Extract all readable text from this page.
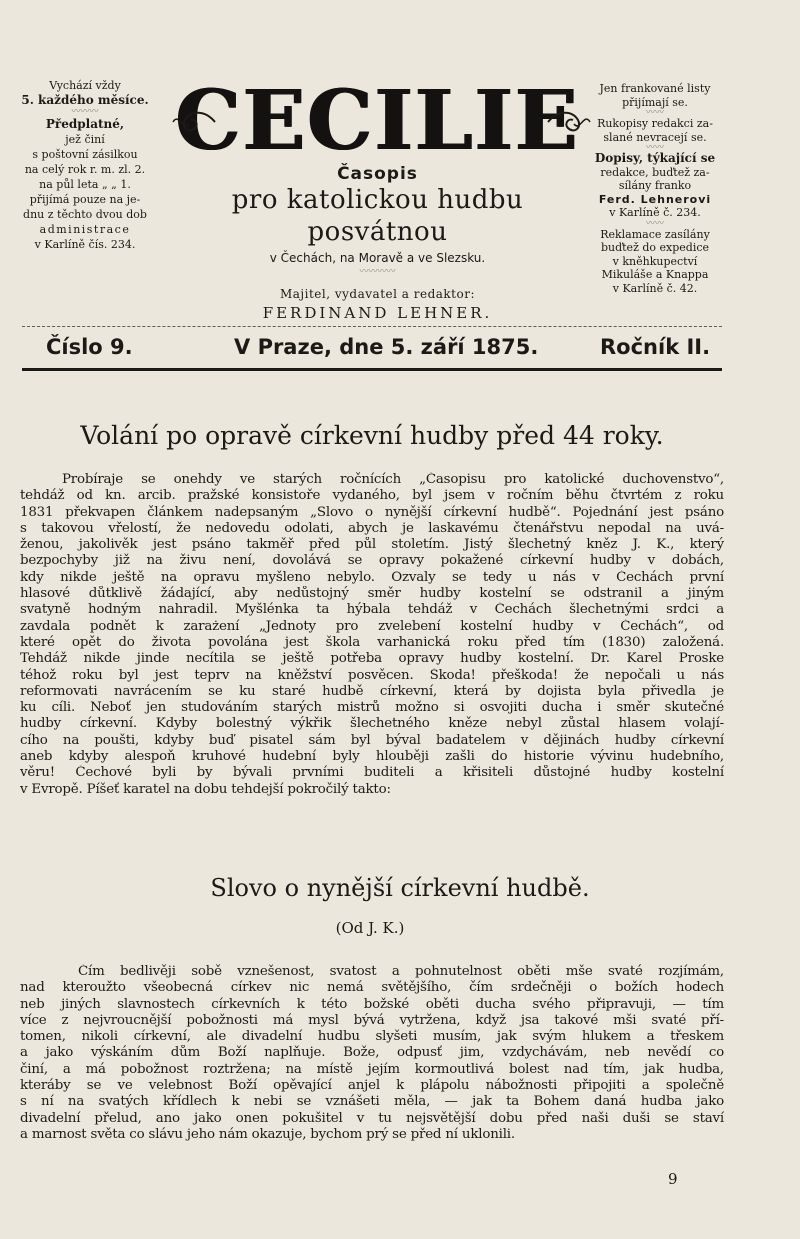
Vychází vždy
5. každého měsíce.
〰〰〰
Předplatné,
jež činí
s poštovní zásilkou
na celý rok r. m. zl. 2.
na půl leta „ „ 1.
přijímá pouze na je-
dnu z těchto dvou dob
administrace
v Karlíně čís. 234.
CECILIE
Časopis
pro katolickou hudbu posvátnou
v Čechách, na Moravě a ve Slezsku.
〰〰〰〰
Majitel, vydavatel a redaktor:
FERDINAND LEHNER.
Jen frankované listy
přijímají se.
〰〰
Rukopisy redakci za-
slané nevracejí se.
〰〰
Dopisy, týkající se
redakce, buďtež za-
sílány franko
Ferd. Lehnerovi
v Karlíně č. 234.
〰〰
Reklamace zasílány
buďtež do expedice
v kněhkupectví
Mikuláše a Knappa
v Karlíně č. 42.
Číslo 9.	V Praze, dne 5. září 1875.	Ročník II.
Volání po opravě církevní hudby před 44 roky.
Probíraje se onehdy ve starých ročnících „Časopisu pro katolické duchovenstvo“,
tehdáž od kn. arcib. pražské konsistoře vydaného, byl jsem v ročním běhu čtvrtém z roku
1831 překvapen článkem nadepsaným „Slovo o nynější církevní hudbě“. Pojednání jest psáno
s takovou vřelostí, že nedovedu odolati, abych je laskavému čtenářstvu nepodal na uvá-
ženou, jakolivěk jest psáno takměř před půl stoletím. Jistý šlechetný kněz J. K., který
bezpochyby již na živu není, dovolává se opravy pokažené církevní hudby v dobách,
kdy nikde ještě na opravu myšleno nebylo. Ozvaly se tedy u nás v Čechách první
hlasové důtklivě žádající, aby nedůstojný směr hudby kostelní se odstranil a jiným
svatyně hodným nahradil. Myšlénka ta hýbala tehdáž v Čechách šlechetnými srdci a
zavdala podnět k zarażení „Jednoty pro zvelebení kostelní hudby v Čechách“, od
které opět do života povolána jest škola varhanická roku před tím (1830) založená.
Tehdáž nikde jinde necítila se ještě potřeba opravy hudby kostelní. Dr. Karel Proske
téhož roku byl jest teprv na kněžství posvěcen. Škoda! přeškoda! že nepočali u nás
reformovati navrácením se ku staré hudbě církevní, která by dojista byla přivedla je
ku cíli. Neboť jen studováním starých mistrů možno si osvojiti ducha i směr skutečné
hudby církevní. Kdyby bolestný výkřik šlechetného kněze nebyl zůstal hlasem volají-
cího na poušti, kdyby buď pisatel sám byl býval badatelem v dějinách hudby církevní
aneb kdyby alespoň kruhové hudební byly hlouběji zašli do historie vývinu hudebního,
věru! Čechové byli by bývali prvními buditeli a křisiteli důstojné hudby kostelní
v Evropě. Píšeť karatel na dobu tehdejší pokročilý takto:
Slovo o nynější církevní hudbě.
(Od J. K.)
Čím bedlivěji sobě vznešenost, svatost a pohnutelnost oběti mše svaté rozjímám,
nad kteroužto všeobecná církev nic nemá světějšího, čím srdečněji o božích hodech
neb jiných slavnostech církevních k této božské oběti ducha svého připravuji, — tím
více z nejvroucnější pobožnosti má mysl bývá vytržena, když jsa takové mši svaté pří-
tomen, nikoli církevní, ale divadelní hudbu slyšeti musím, jak svým hlukem a třeskem
a jako výskáním dům Boží naplňuje. Bože, odpusť jim, vzdychávám, neb nevědí co
činí, a má pobožnost roztržena; na místě jejím kormoutlivá bolest nad tím, jak hudba,
kteráby se ve velebnost Boží opěvající anjel k plápolu nábožnosti připojiti a společně
s ní na svatých křídlech k nebi se vznášeti měla, — jak ta Bohem daná hudba jako
divadelní přelud, ano jako onen pokušitel v tu nejsvětější dobu před naši duši se staví
a marnost světa co slávu jeho nám okazuje, bychom prý se před ní uklonili.
9
